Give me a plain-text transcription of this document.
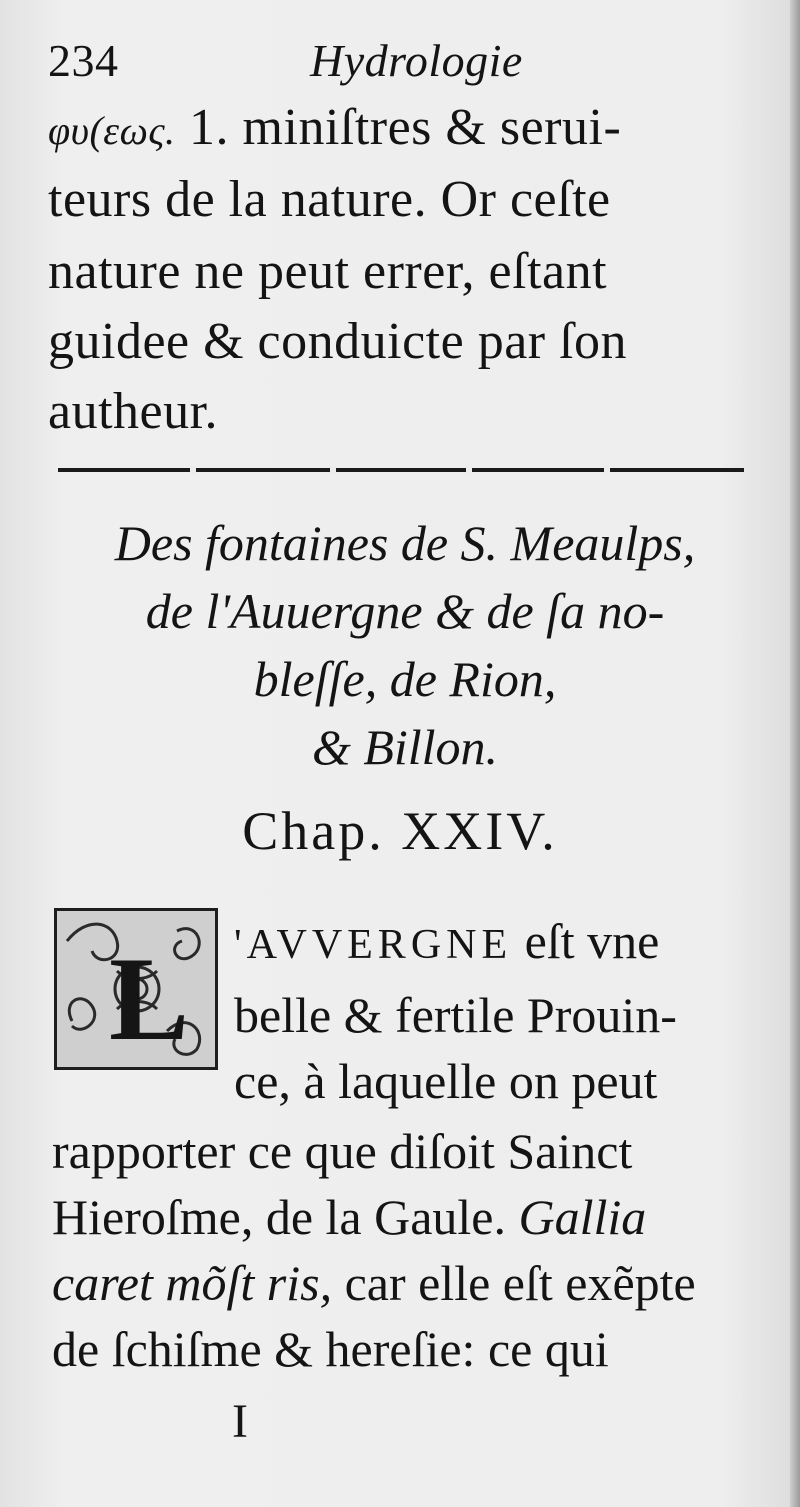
234	Hydrologie
φυ(εως. 1. miniſtres & serui-
teurs de la nature. Or ceſte
nature ne peut errer, eſtant
guidee & conduicte par ſon
autheur.
Des fontaines de S. Meaulps,
de l'Auuergne & de ſa no-
bleſſe, de Rion,
& Billon.
Chap. XXIV.
L 'AVVERGNE eſt vne
belle & fertile Prouin-
ce, à laquelle on peut
rapporter ce que diſoit Sainct
Hieroſme, de la Gaule. Gallia
caret mõſt ris, car elle eſt exẽpte
de ſchiſme & hereſie: ce qui
I
